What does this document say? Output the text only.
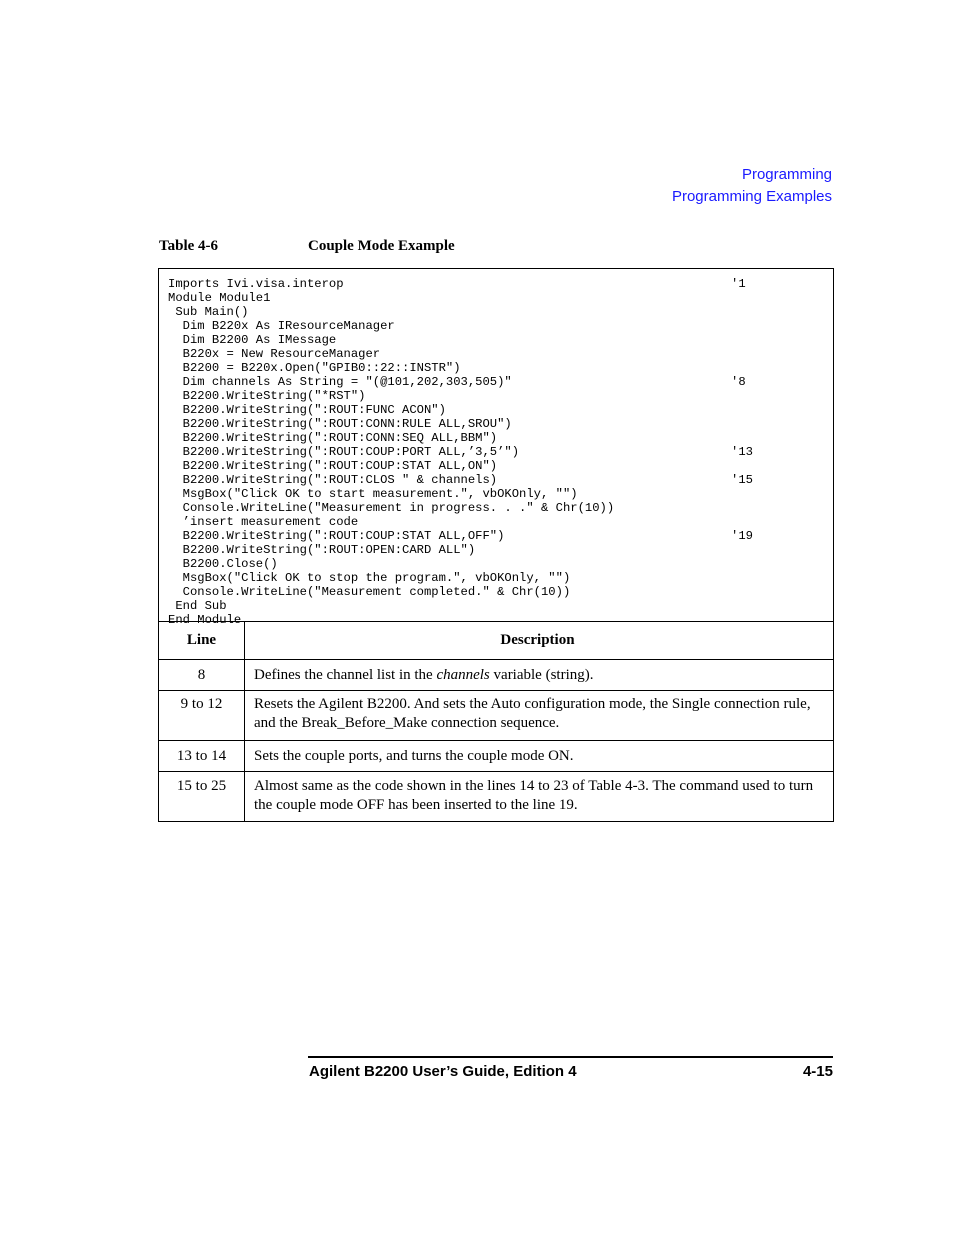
Programming
Programming Examples
Table 4-6	Couple Mode Example
Imports Ivi.visa.interop	'1
Module Module1
Sub Main()
Dim B220x As IResourceManager
Dim B2200 As IMessage
B220x = New ResourceManager
B2200 = B220x.Open("GPIB0::22::INSTR")
Dim channels As String = "(@101,202,303,505)"	'8
B2200.WriteString("*RST")
B2200.WriteString(":ROUT:FUNC ACON")
B2200.WriteString(":ROUT:CONN:RULE ALL,SROU")
B2200.WriteString(":ROUT:CONN:SEQ ALL,BBM")
B2200.WriteString(":ROUT:COUP:PORT ALL,’3,5’")	'13
B2200.WriteString(":ROUT:COUP:STAT ALL,ON")
B2200.WriteString(":ROUT:CLOS " & channels)	'15
MsgBox("Click OK to start measurement.", vbOKOnly, "")
Console.WriteLine("Measurement in progress. . ." & Chr(10))
’insert measurement code
B2200.WriteString(":ROUT:COUP:STAT ALL,OFF")	'19
B2200.WriteString(":ROUT:OPEN:CARD ALL")
B2200.Close()
MsgBox("Click OK to stop the program.", vbOKOnly, "")
Console.WriteLine("Measurement completed." & Chr(10))
End Sub
End Module
Line	Description
8	Defines the channel list in the channels variable (string).
9 to 12	Resets the Agilent B2200. And sets the Auto configuration mode, the Single connection rule, and the Break_Before_Make connection sequence.
13 to 14	Sets the couple ports, and turns the couple mode ON.
15 to 25	Almost same as the code shown in the lines 14 to 23 of Table 4-3. The command used to turn the couple mode OFF has been inserted to the line 19.
Agilent B2200 User’s Guide, Edition 4	4-15
